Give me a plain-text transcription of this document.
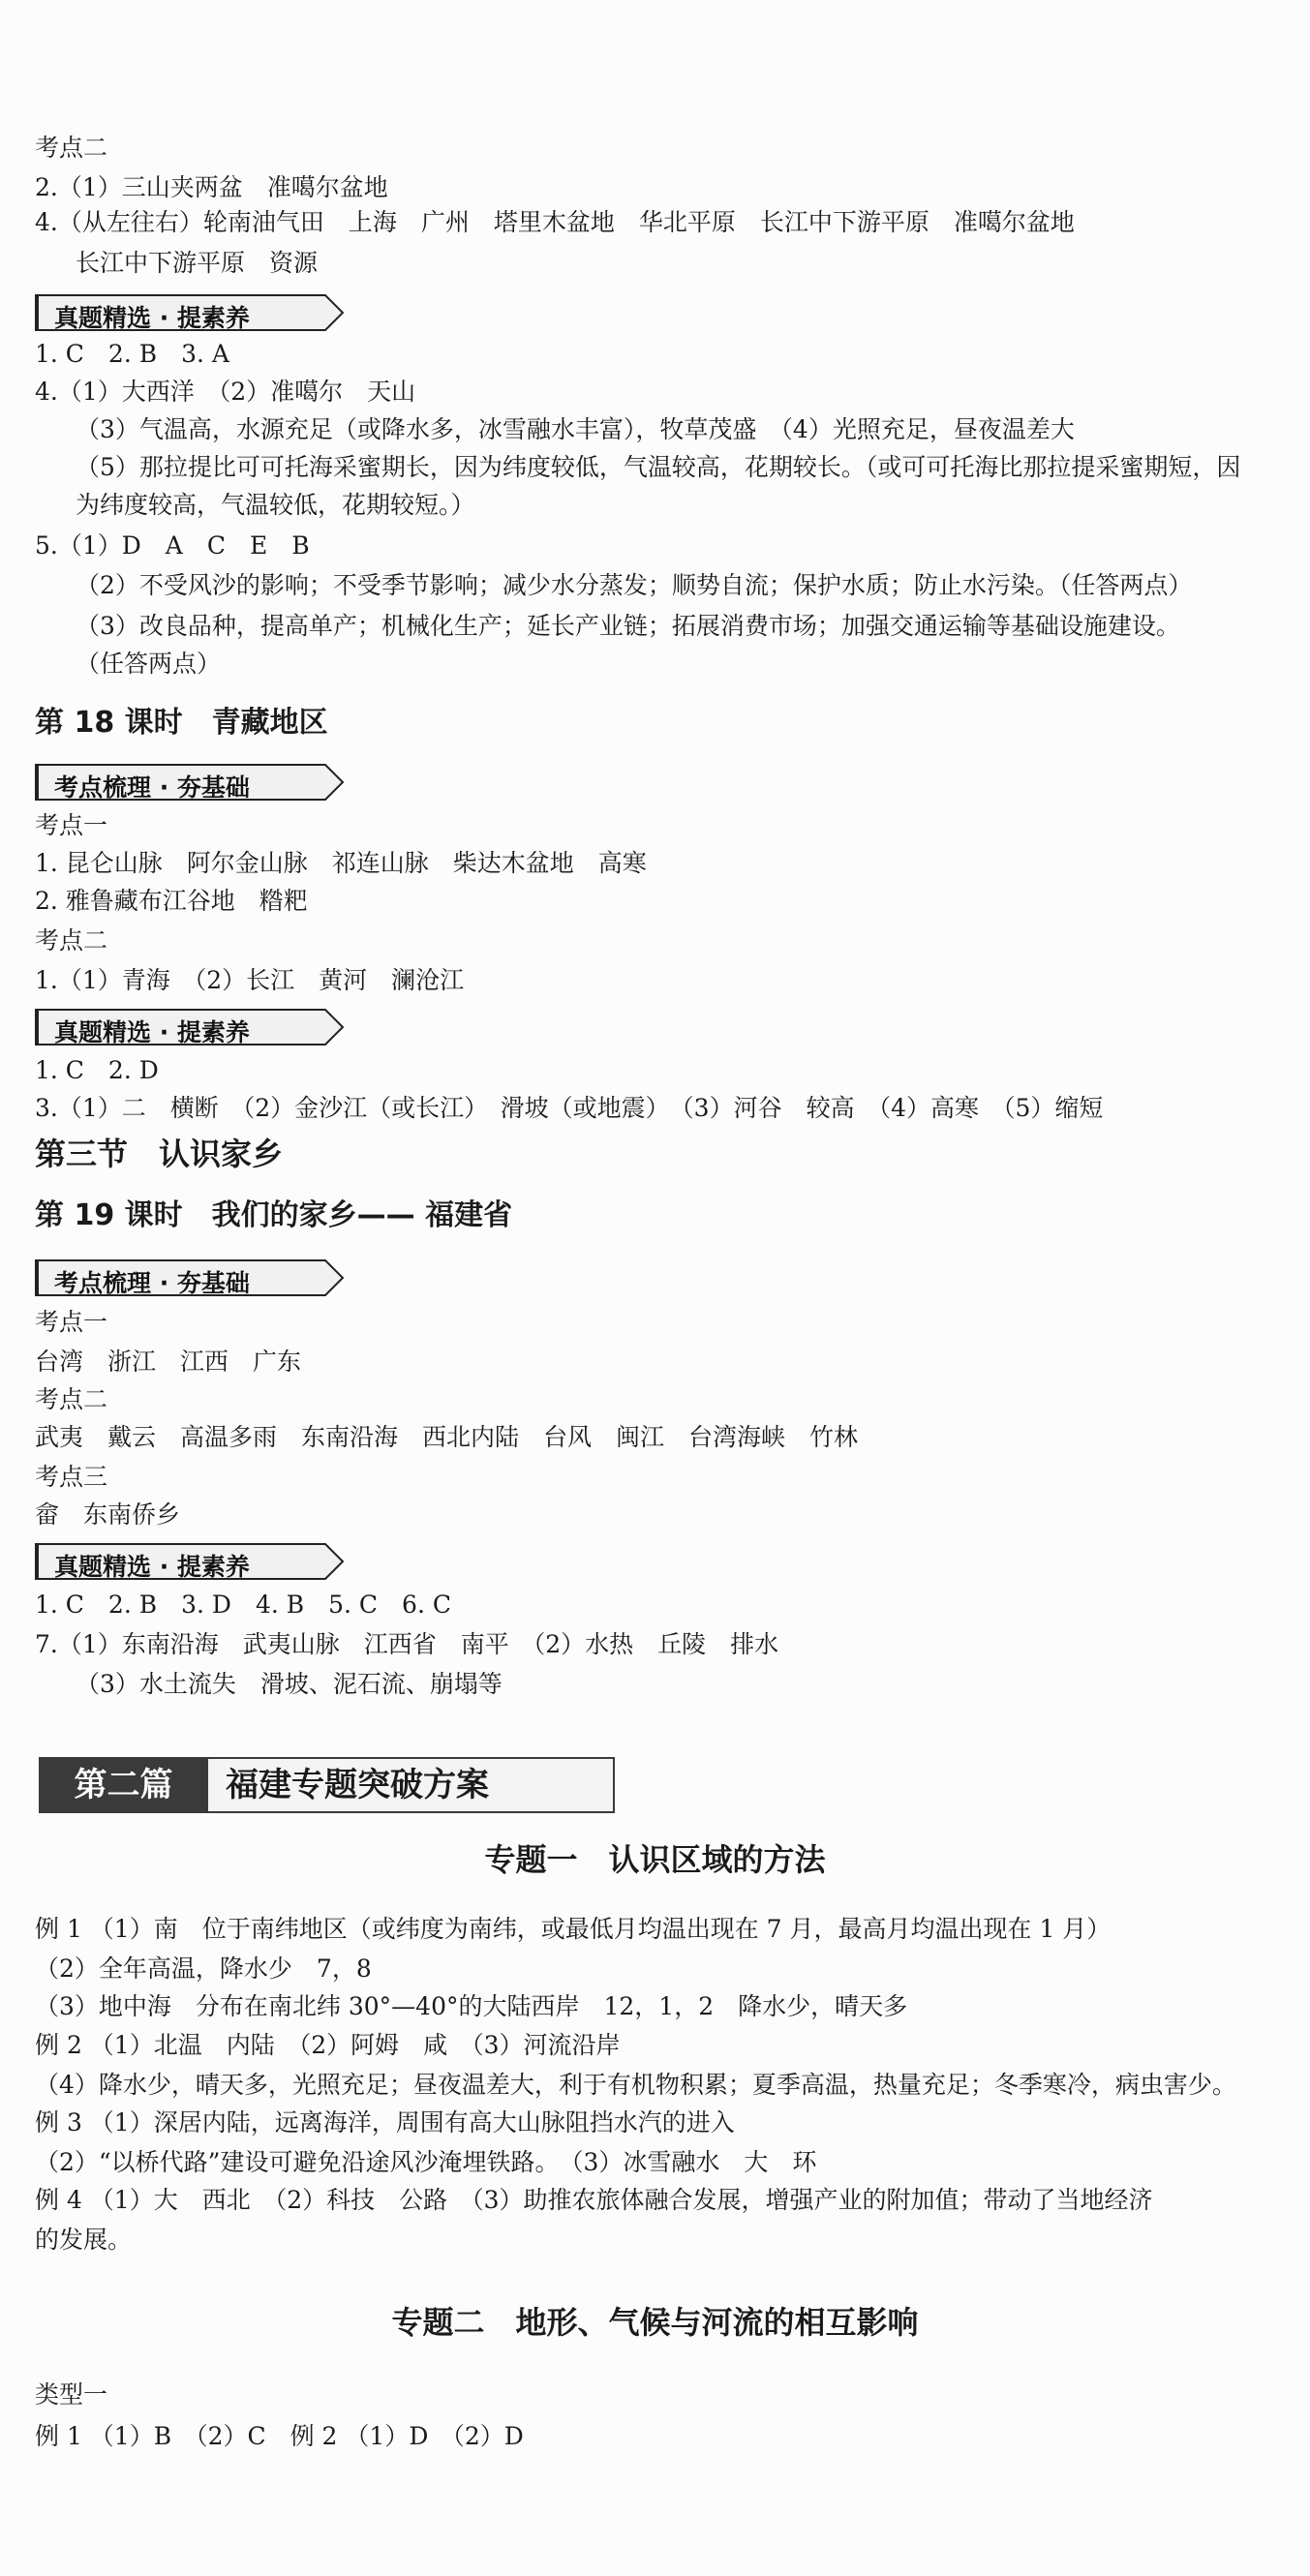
考点二
2.（1）三山夹两盆　准噶尔盆地
4.（从左往右）轮南油气田　上海　广州　塔里木盆地　华北平原　长江中下游平原　准噶尔盆地
长江中下游平原　资源
真题精选 · 提素养
1. C　2. B　3. A
4.（1）大西洋　（2）准噶尔　天山
（3）气温高，水源充足（或降水多，冰雪融水丰富），牧草茂盛　（4）光照充足，昼夜温差大
（5）那拉提比可可托海采蜜期长，因为纬度较低，气温较高，花期较长。（或可可托海比那拉提采蜜期短，因
为纬度较高，气温较低，花期较短。）
5.（1）D　A　C　E　B
（2）不受风沙的影响；不受季节影响；减少水分蒸发；顺势自流；保护水质；防止水污染。（任答两点）
（3）改良品种，提高单产；机械化生产；延长产业链；拓展消费市场；加强交通运输等基础设施建设。
（任答两点）
第 18 课时　青藏地区
考点梳理 · 夯基础
考点一
1. 昆仑山脉　阿尔金山脉　祁连山脉　柴达木盆地　高寒
2. 雅鲁藏布江谷地　糌粑
考点二
1.（1）青海　（2）长江　黄河　澜沧江
真题精选 · 提素养
1. C　2. D
3.（1）二　横断　（2）金沙江（或长江）　滑坡（或地震）　（3）河谷　较高　（4）高寒　（5）缩短
第三节　认识家乡
第 19 课时　我们的家乡—— 福建省
考点梳理 · 夯基础
考点一
台湾　浙江　江西　广东
考点二
武夷　戴云　高温多雨　东南沿海　西北内陆　台风　闽江　台湾海峡　竹林
考点三
畲　东南侨乡
真题精选 · 提素养
1. C　2. B　3. D　4. B　5. C　6. C
7.（1）东南沿海　武夷山脉　江西省　南平　（2）水热　丘陵　排水
（3）水土流失　滑坡、泥石流、崩塌等
第二篇	福建专题突破方案
专题一　认识区域的方法
例 1 （1）南　位于南纬地区（或纬度为南纬，或最低月均温出现在 7 月，最高月均温出现在 1 月）
（2）全年高温，降水少　7，8
（3）地中海　分布在南北纬 30°—40°的大陆西岸　12，1，2　降水少，晴天多
例 2 （1）北温　内陆　（2）阿姆　咸　（3）河流沿岸
（4）降水少，晴天多，光照充足；昼夜温差大，利于有机物积累；夏季高温，热量充足；冬季寒冷，病虫害少。
例 3 （1）深居内陆，远离海洋，周围有高大山脉阻挡水汽的进入
（2）“以桥代路”建设可避免沿途风沙淹埋铁路。　（3）冰雪融水　大　环
例 4 （1）大　西北　（2）科技　公路　（3）助推农旅体融合发展，增强产业的附加值；带动了当地经济
的发展。
专题二　地形、气候与河流的相互影响
类型一
例 1 （1）B　（2）C　例 2 （1）D　（2）D
